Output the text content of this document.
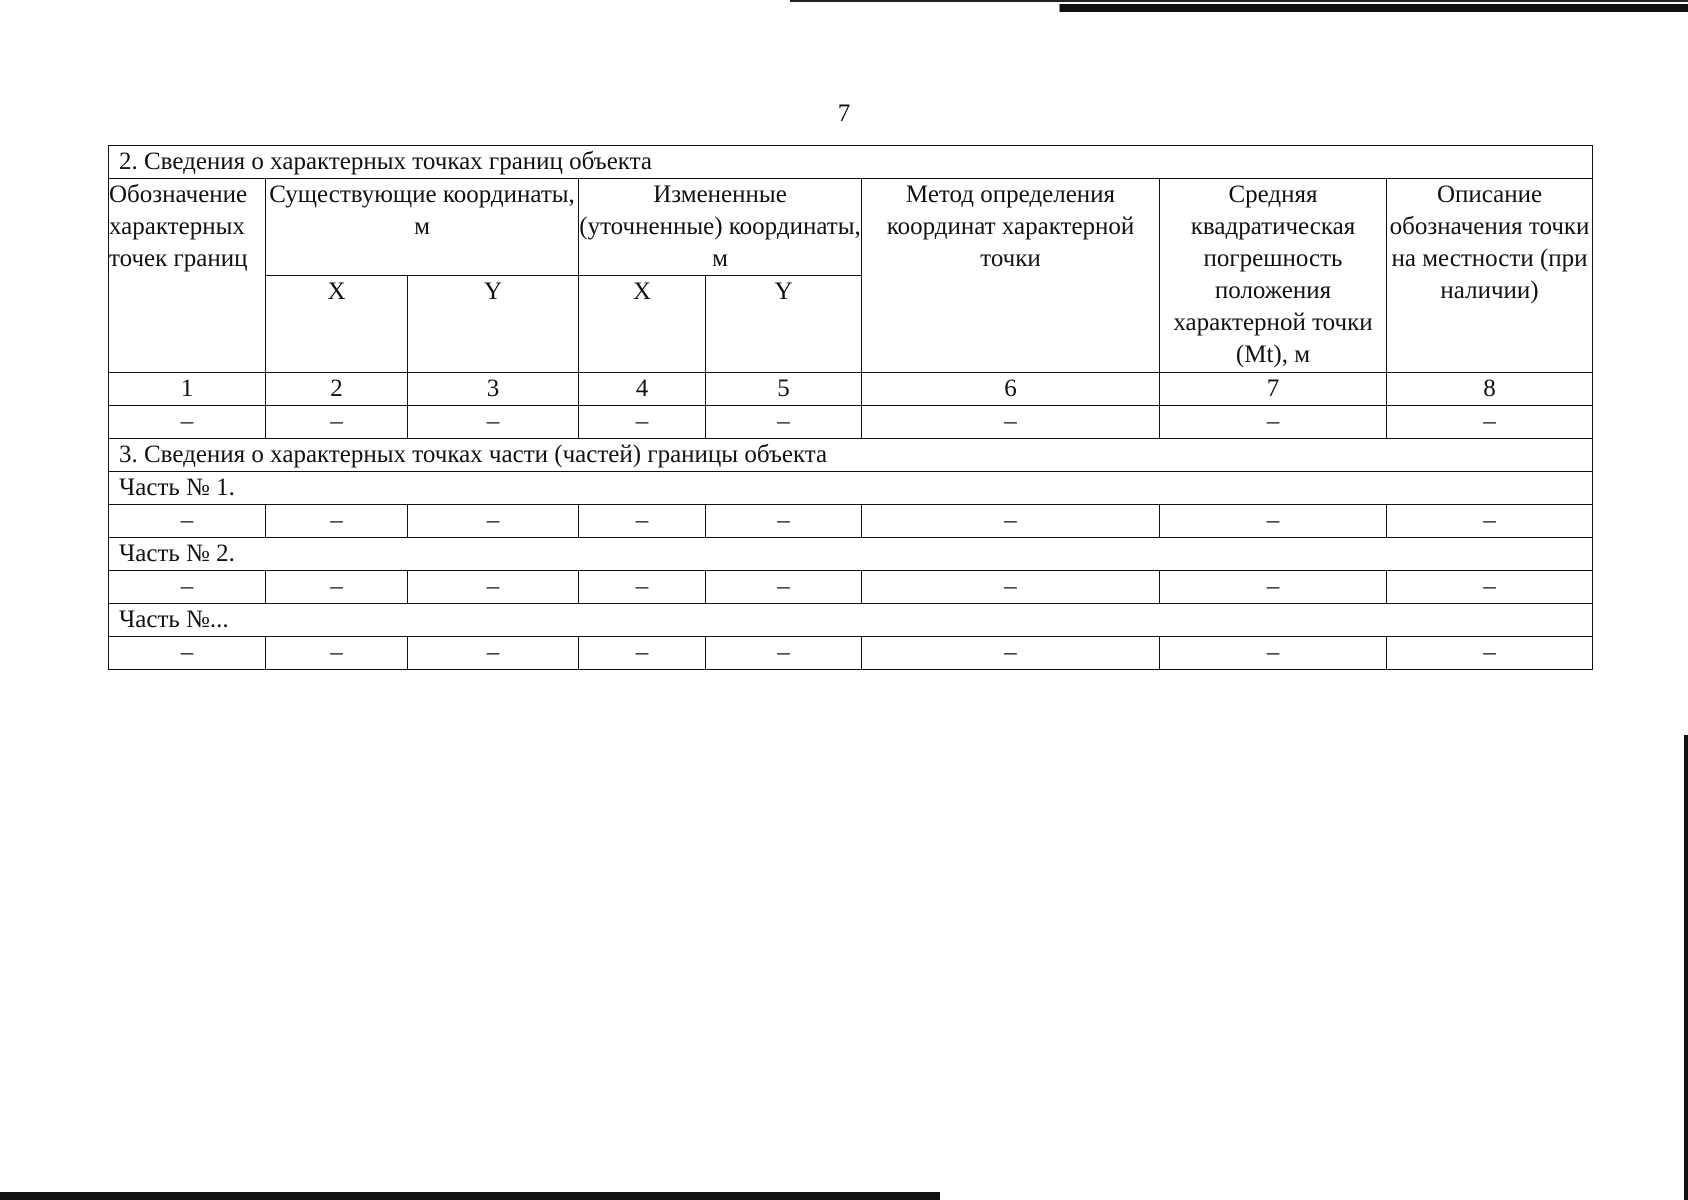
7
2. Сведения о характерных точках границ объекта							

Обозначение характерных точек границ	Существующие координаты, м		Измененные (уточненные) координаты, м		Метод определения координат характерной точки	Средняя квадратическая погрешность положения характерной точки (Mt), м	Описание обозначения точки на местности (при наличии)

	X	Y	X	Y			
1	2	3	4	5	6	7	8
–	–	–	–	–	–	–	–
3. Сведения о характерных точках части (частей) границы объекта							
Часть № 1.							
–	–	–	–	–	–	–	–
Часть № 2.							
–	–	–	–	–	–	–	–
Часть №...							
–	–	–	–	–	–	–	–
